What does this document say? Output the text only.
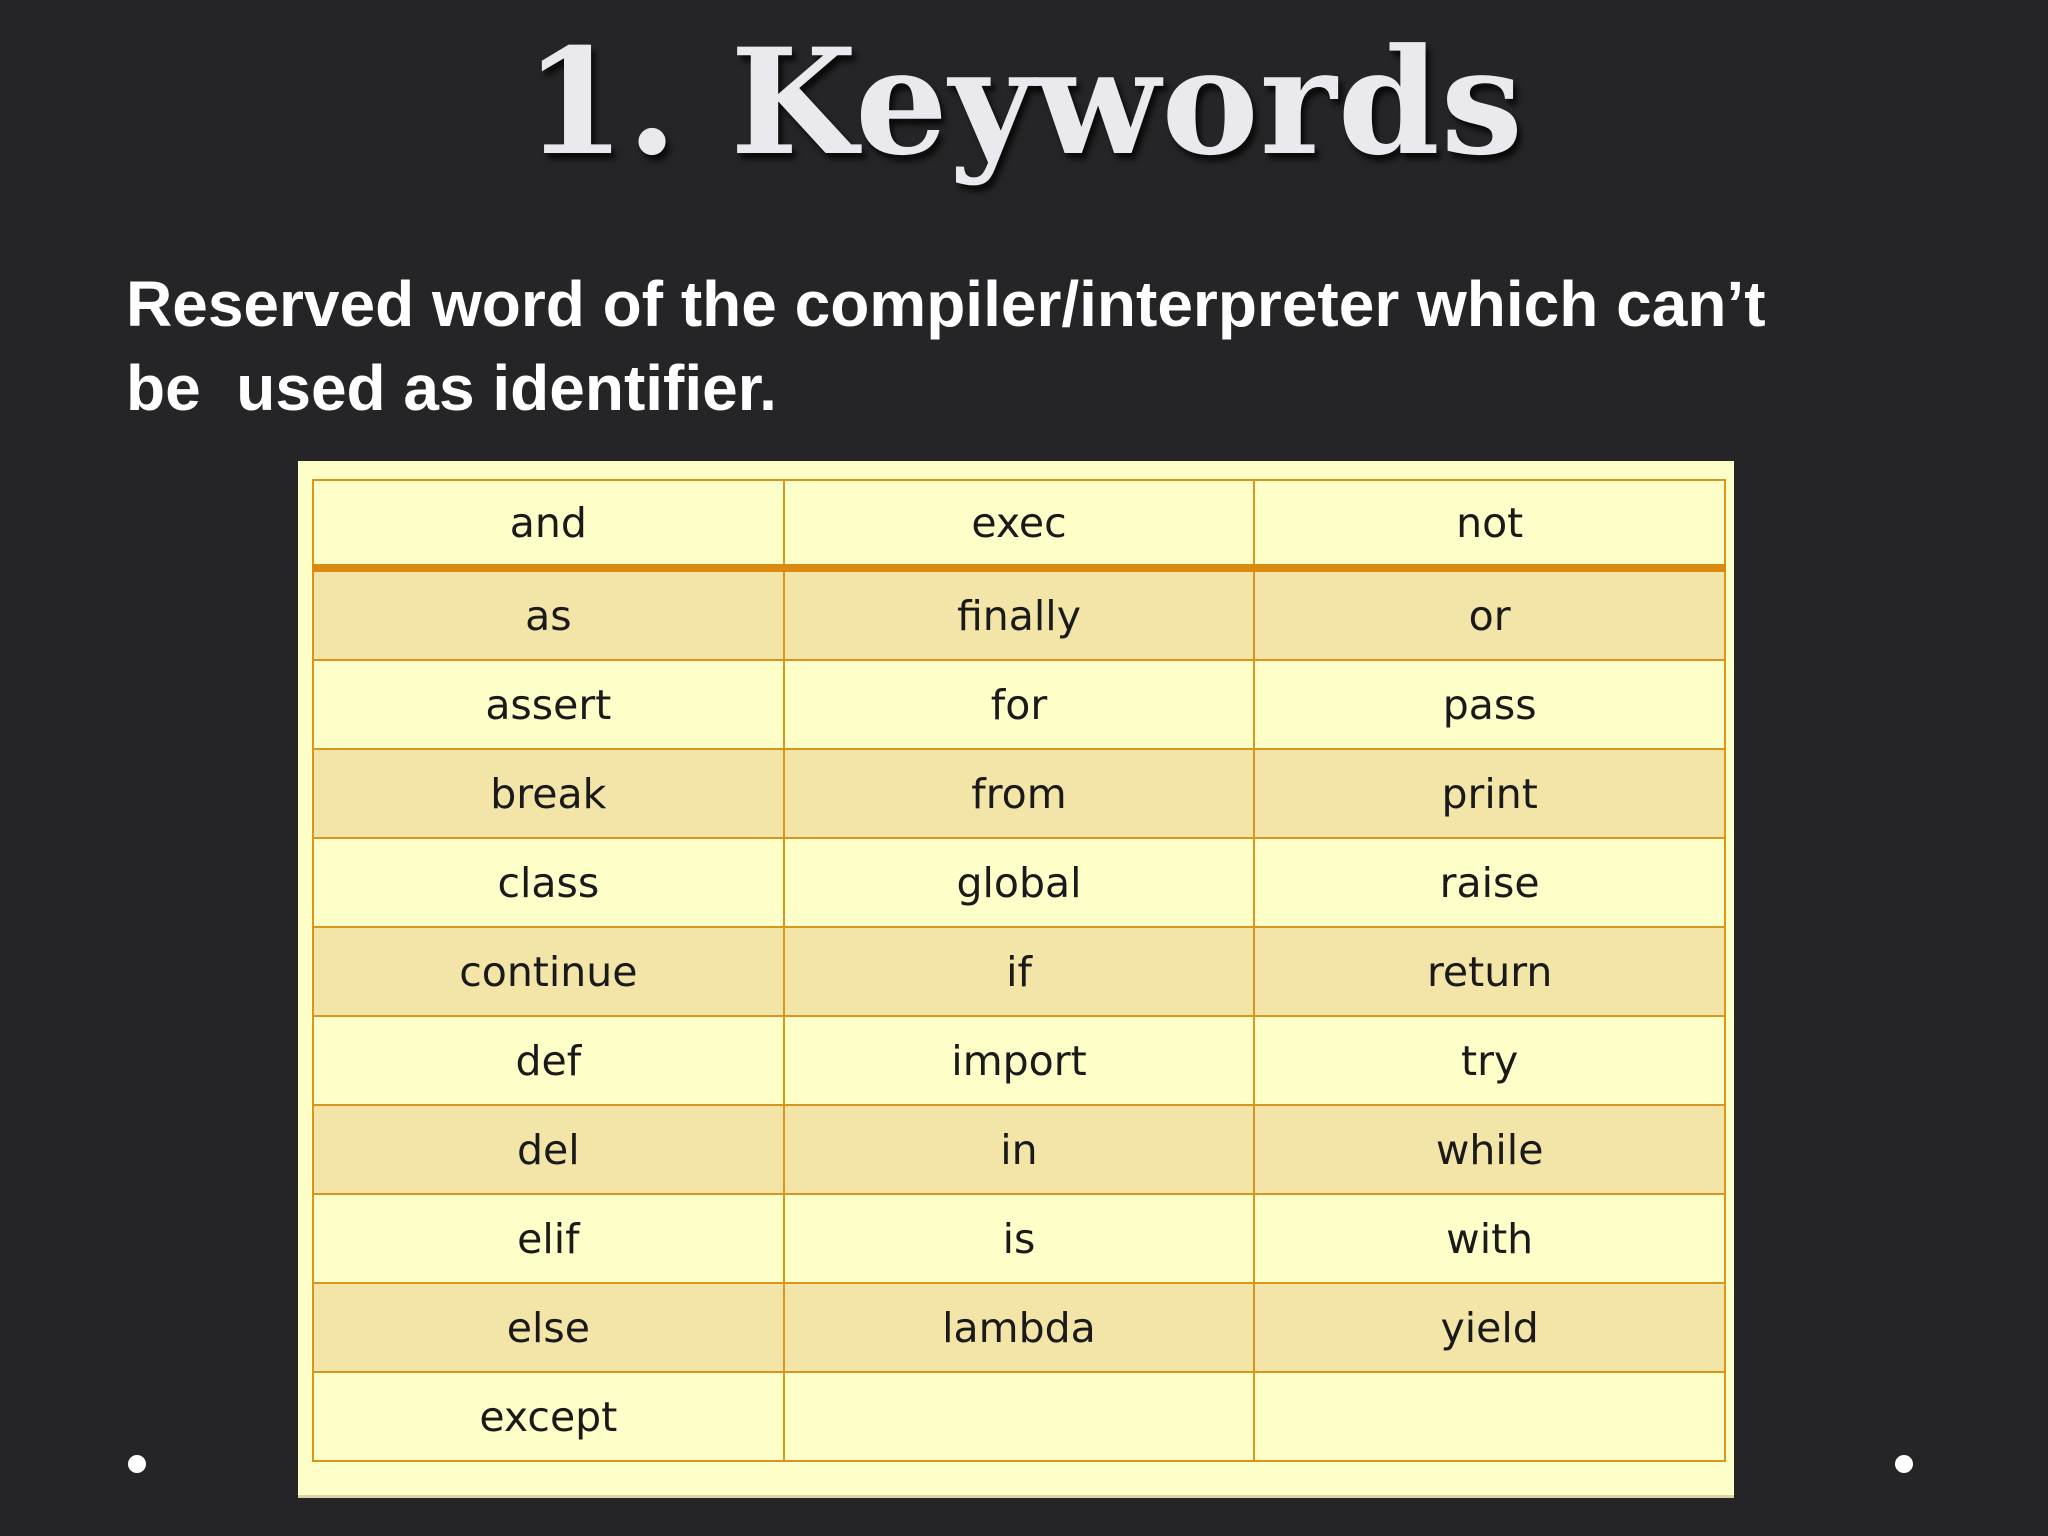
1. Keywords
Reserved word of the compiler/interpreter which can’t
be  used as identifier.
and	exec	not
as	finally	or
assert	for	pass
break	from	print
class	global	raise
continue	if	return
def	import	try
del	in	while
elif	is	with
else	lambda	yield
except		
